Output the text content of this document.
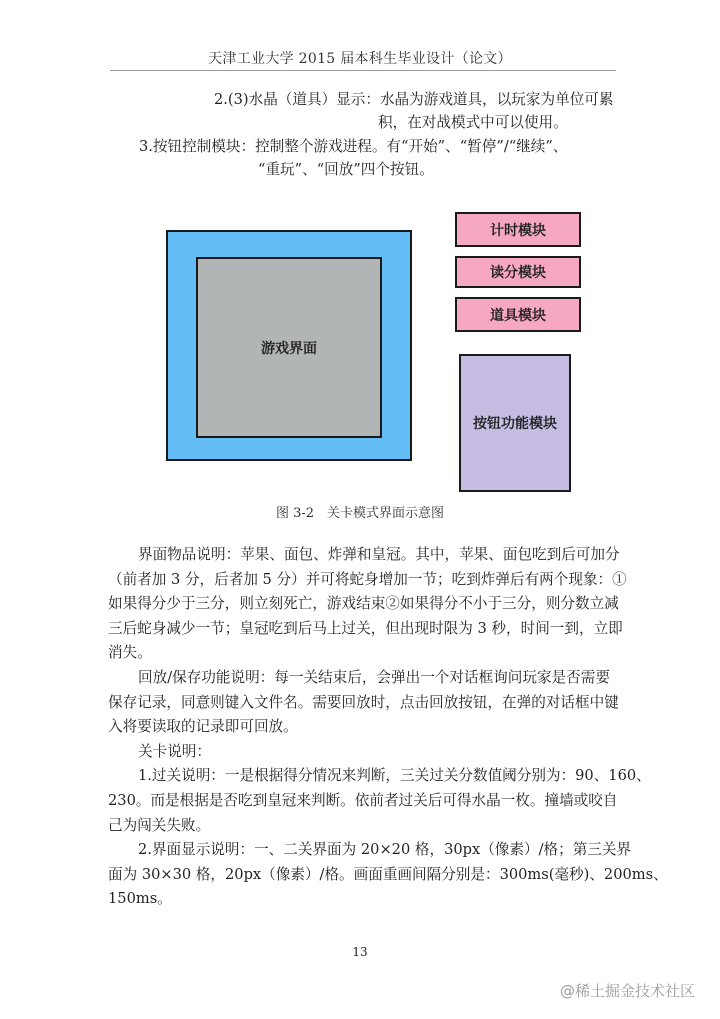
天津工业大学 2015 届本科生毕业设计（论文）
2.(3)水晶（道具）显示：水晶为游戏道具，以玩家为单位可累
积，在对战模式中可以使用。
3.按钮控制模块：控制整个游戏进程。有“开始”、“暂停”/“继续”、
“重玩”、“回放”四个按钮。
游戏界面
计时模块
读分模块
道具模块
按钮功能模块
图 3-2　关卡模式界面示意图
界面物品说明：苹果、面包、炸弹和皇冠。其中，苹果、面包吃到后可加分
（前者加 3 分，后者加 5 分）并可将蛇身增加一节；吃到炸弹后有两个现象：①
如果得分少于三分，则立刻死亡，游戏结束②如果得分不小于三分，则分数立减
三后蛇身减少一节；皇冠吃到后马上过关，但出现时限为 3 秒，时间一到，立即
消失。
回放/保存功能说明：每一关结束后，会弹出一个对话框询问玩家是否需要
保存记录，同意则键入文件名。需要回放时，点击回放按钮，在弹的对话框中键
入将要读取的记录即可回放。
关卡说明：
1.过关说明：一是根据得分情况来判断，三关过关分数值阈分别为：90、160、
230。而是根据是否吃到皇冠来判断。依前者过关后可得水晶一枚。撞墙或咬自
己为闯关失败。
2.界面显示说明：一、二关界面为 20×20 格，30px（像素）/格；第三关界
面为 30×30 格，20px（像素）/格。画面重画间隔分别是：300ms(毫秒)、200ms、
150ms。
13
@稀土掘金技术社区
